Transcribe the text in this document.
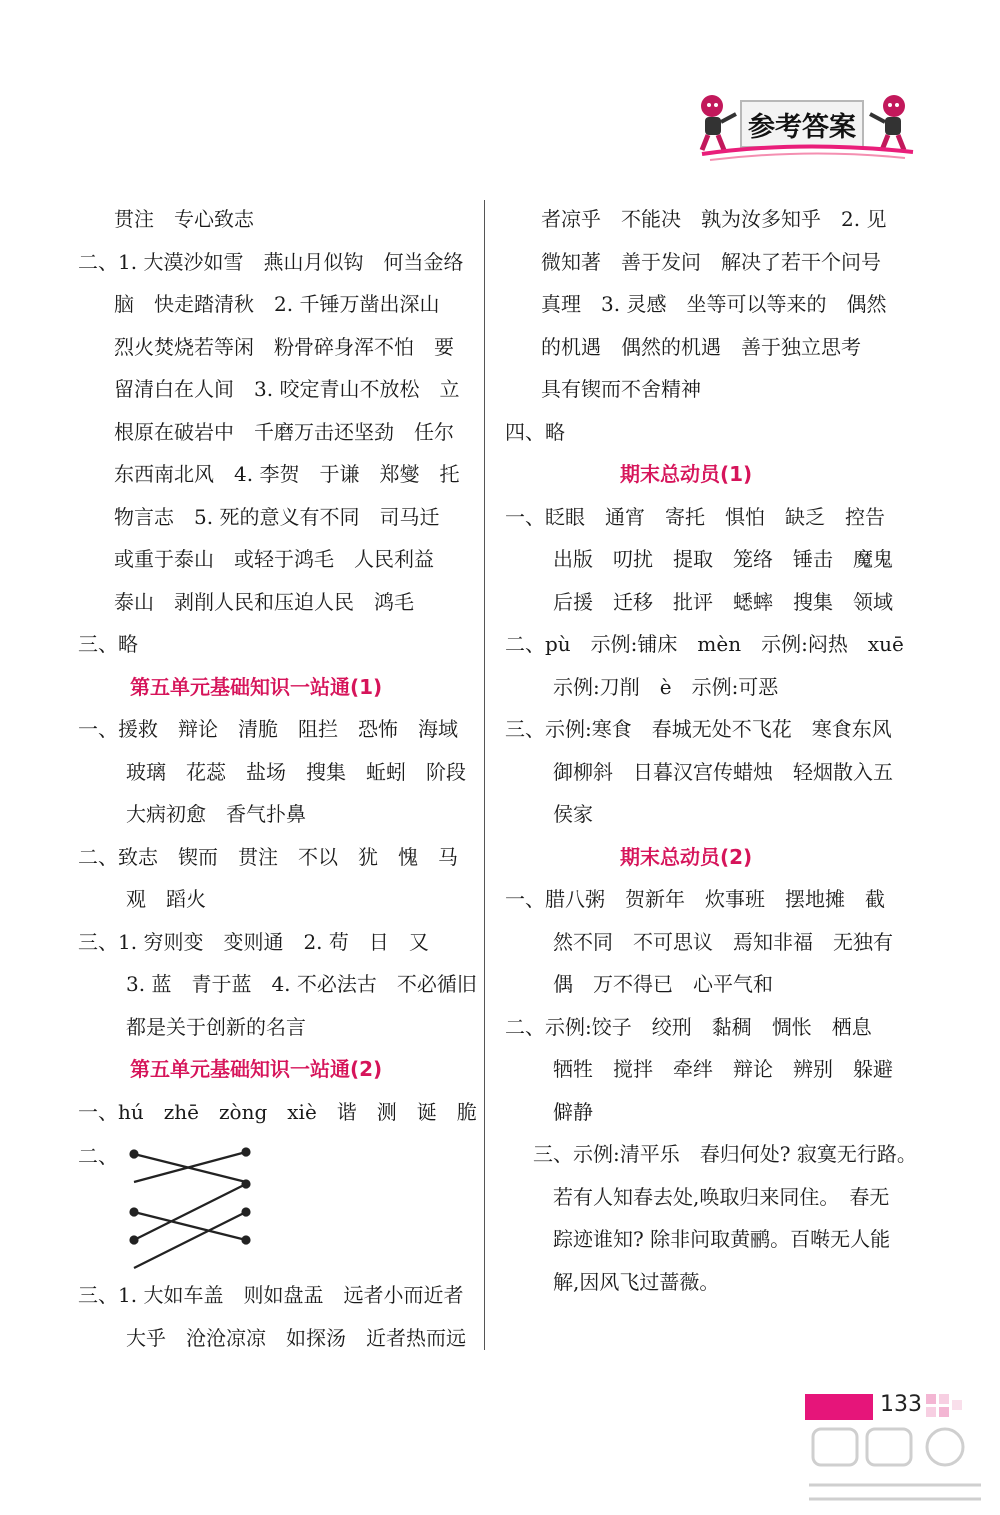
参考答案
贯注　专心致志
二、1. 大漠沙如雪　燕山月似钩　何当金络
脑　快走踏清秋　2. 千锤万凿出深山
烈火焚烧若等闲　粉骨碎身浑不怕　要
留清白在人间　3. 咬定青山不放松　立
根原在破岩中　千磨万击还坚劲　任尔
东西南北风　4. 李贺　于谦　郑燮　托
物言志　5. 死的意义有不同　司马迁
或重于泰山　或轻于鸿毛　人民利益
泰山　剥削人民和压迫人民　鸿毛
三、略
第五单元基础知识一站通(1)
一、援救　辩论　清脆　阻拦　恐怖　海域
玻璃　花蕊　盐场　搜集　蚯蚓　阶段
大病初愈　香气扑鼻
二、致志　锲而　贯注　不以　犹　愧　马
观　蹈火
三、1. 穷则变　变则通　2. 苟　日　又
3. 蓝　青于蓝　4. 不必法古　不必循旧
都是关于创新的名言
第五单元基础知识一站通(2)
一、hú　zhē　zòng　xiè　谐　测　诞　脆
二、
三、1. 大如车盖　则如盘盂　远者小而近者
大乎　沧沧凉凉　如探汤　近者热而远
者凉乎　不能决　孰为汝多知乎　2. 见
微知著　善于发问　解决了若干个问号
真理　3. 灵感　坐等可以等来的　偶然
的机遇　偶然的机遇　善于独立思考
具有锲而不舍精神
四、略
期末总动员(1)
一、眨眼　通宵　寄托　惧怕　缺乏　控告
出版　叨扰　提取　笼络　锤击　魔鬼
后援　迁移　批评　蟋蟀　搜集　领域
二、pù　示例:铺床　mèn　示例:闷热　xuē
示例:刀削　è　示例:可恶
三、示例:寒食　春城无处不飞花　寒食东风
御柳斜　日暮汉宫传蜡烛　轻烟散入五
侯家
期末总动员(2)
一、腊八粥　贺新年　炊事班　摆地摊　截
然不同　不可思议　焉知非福　无独有
偶　万不得已　心平气和
二、示例:饺子　绞刑　黏稠　惆怅　栖息
牺牲　搅拌　牵绊　辩论　辨别　躲避
僻静
三、示例:清平乐　春归何处? 寂寞无行路。
若有人知春去处,唤取归来同住。　春无
踪迹谁知? 除非问取黄鹂。百啭无人能
解,因风飞过蔷薇。
133
